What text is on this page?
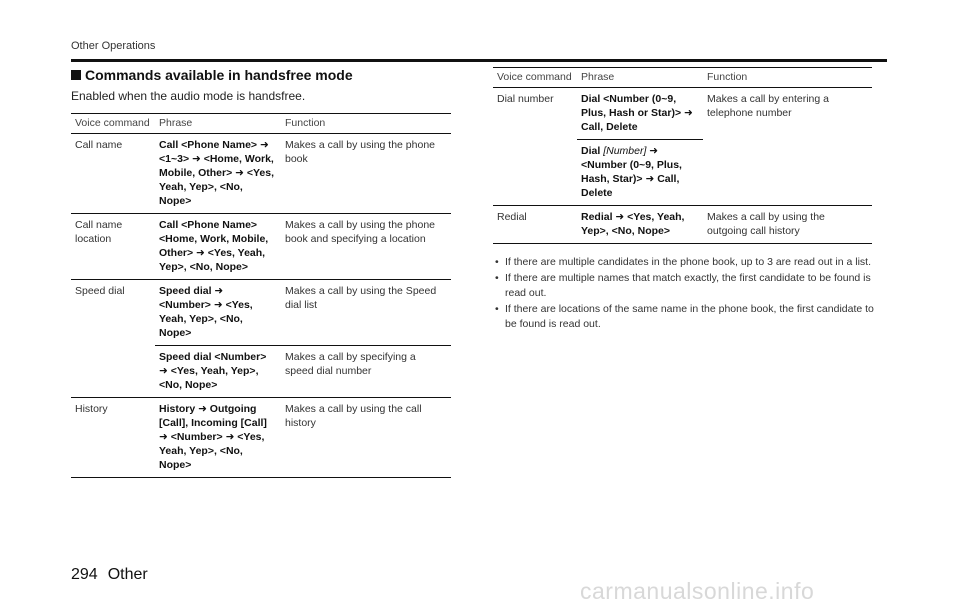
Other Operations
Commands available in handsfree mode
Enabled when the audio mode is handsfree.
Voice command	Phrase	Function
Call name	Call <Phone Name> ➜ <1~3> ➜ <Home, Work, Mobile, Other> ➜ <Yes, Yeah, Yep>, <No, Nope>	Makes a call by using the phone book
Call name location	Call <Phone Name> <Home, Work, Mobile, Other> ➜ <Yes, Yeah, Yep>, <No, Nope>	Makes a call by using the phone book and specifying a location
Speed dial	Speed dial ➜ <Number> ➜ <Yes, Yeah, Yep>, <No, Nope>	Makes a call by using the Speed dial list
	Speed dial <Number> ➜ <Yes, Yeah, Yep>, <No, Nope>	Makes a call by specifying a speed dial number
History	History ➜ Outgoing [Call], Incoming [Call] ➜ <Number> ➜ <Yes, Yeah, Yep>, <No, Nope>	Makes a call by using the call history
Voice command	Phrase	Function
Dial number	Dial <Number (0~9, Plus, Hash or Star)> ➜ Call, Delete	Makes a call by entering a telephone number
	Dial [Number] ➜ <Number (0~9, Plus, Hash, Star)> ➜ Call, Delete	
Redial	Redial ➜ <Yes, Yeah, Yep>, <No, Nope>	Makes a call by using the outgoing call history
• If there are multiple candidates in the phone book, up to 3 are read out in a list.
• If there are multiple names that match exactly, the first candidate to be found is read out.
• If there are locations of the same name in the phone book, the first candidate to be found is read out.
294 Other
carmanualsonline.info
